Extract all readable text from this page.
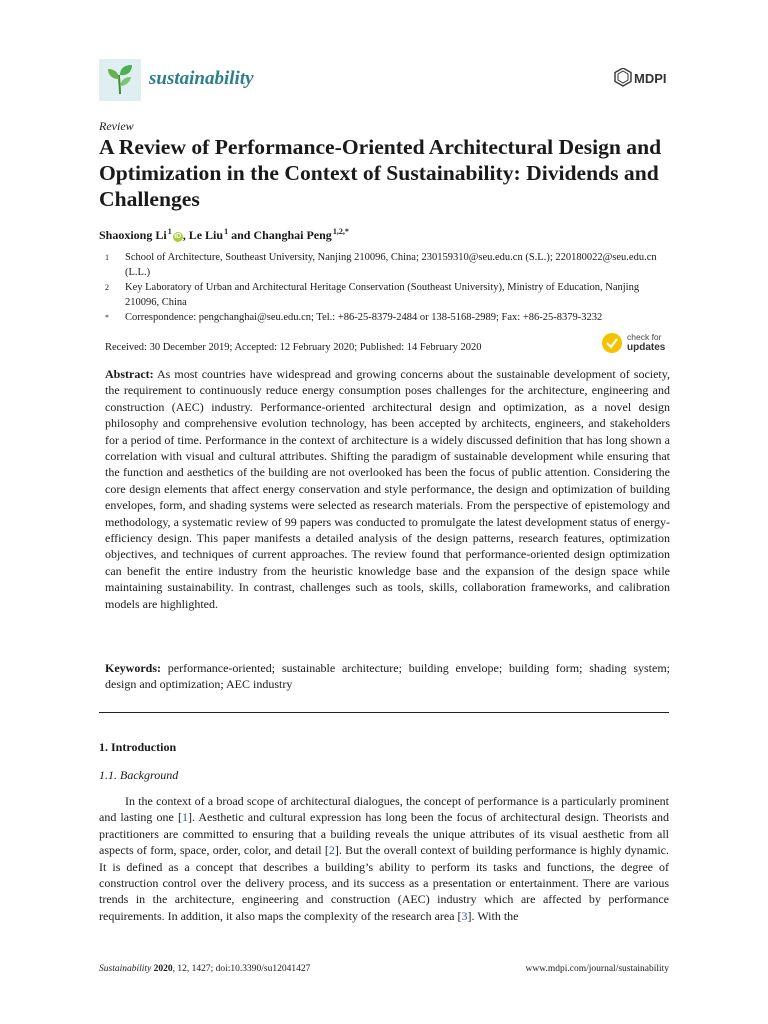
sustainability	MDPI
Review
A Review of Performance-Oriented Architectural Design and Optimization in the Context of Sustainability: Dividends and Challenges
Shaoxiong Li $^1$iD , Le Liu $^1$ and Changhai Peng $^{1,2,*}$
1 School of Architecture, Southeast University, Nanjing 210096, China; 230159310@seu.edu.cn (S.L.); 220180022@seu.edu.cn (L.L.)
2 Key Laboratory of Urban and Architectural Heritage Conservation (Southeast University), Ministry of Education, Nanjing 210096, China
* Correspondence: pengchanghai@seu.edu.cn; Tel.: +86-25-8379-2484 or 138-5168-2989; Fax: +86-25-8379-3232
Received: 30 December 2019; Accepted: 12 February 2020; Published: 14 February 2020
check for
updates

Abstract: As most countries have widespread and growing concerns about the sustainable development of society, the requirement to continuously reduce energy consumption poses challenges for the architecture, engineering and construction (AEC) industry. Performance-oriented architectural design and optimization, as a novel design philosophy and comprehensive evolution technology, has been accepted by architects, engineers, and stakeholders for a period of time. Performance in the context of architecture is a widely discussed definition that has long shown a correlation with visual and cultural attributes. Shifting the paradigm of sustainable development while ensuring that the function and aesthetics of the building are not overlooked has been the focus of public attention. Considering the core design elements that affect energy conservation and style performance, the design and optimization of building envelopes, form, and shading systems were selected as research materials. From the perspective of epistemology and methodology, a systematic review of 99 papers was conducted to promulgate the latest development status of energy-efficiency design. This paper manifests a detailed analysis of the design patterns, research features, optimization objectives, and techniques of current approaches. The review found that performance-oriented design optimization can benefit the entire industry from the heuristic knowledge base and the expansion of the design space while maintaining sustainability. In contrast, challenges such as tools, skills, collaboration frameworks, and calibration models are highlighted.

Keywords: performance-oriented; sustainable architecture; building envelope; building form; shading system; design and optimization; AEC industry

1. Introduction
1.1. Background

In the context of a broad scope of architectural dialogues, the concept of performance is a particularly prominent and lasting one [1]. Aesthetic and cultural expression has long been the focus of architectural design. Theorists and practitioners are committed to ensuring that a building reveals the unique attributes of its visual aesthetic from all aspects of form, space, order, color, and detail [2]. But the overall context of building performance is highly dynamic. It is defined as a concept that describes a building’s ability to perform its tasks and functions, the degree of construction control over the delivery process, and its success as a presentation or entertainment. There are various trends in the architecture, engineering and construction (AEC) industry which are affected by performance requirements. In addition, it also maps the complexity of the research area [3]. With the

Sustainability 2020, 12, 1427; doi:10.3390/su12041427	www.mdpi.com/journal/sustainability
